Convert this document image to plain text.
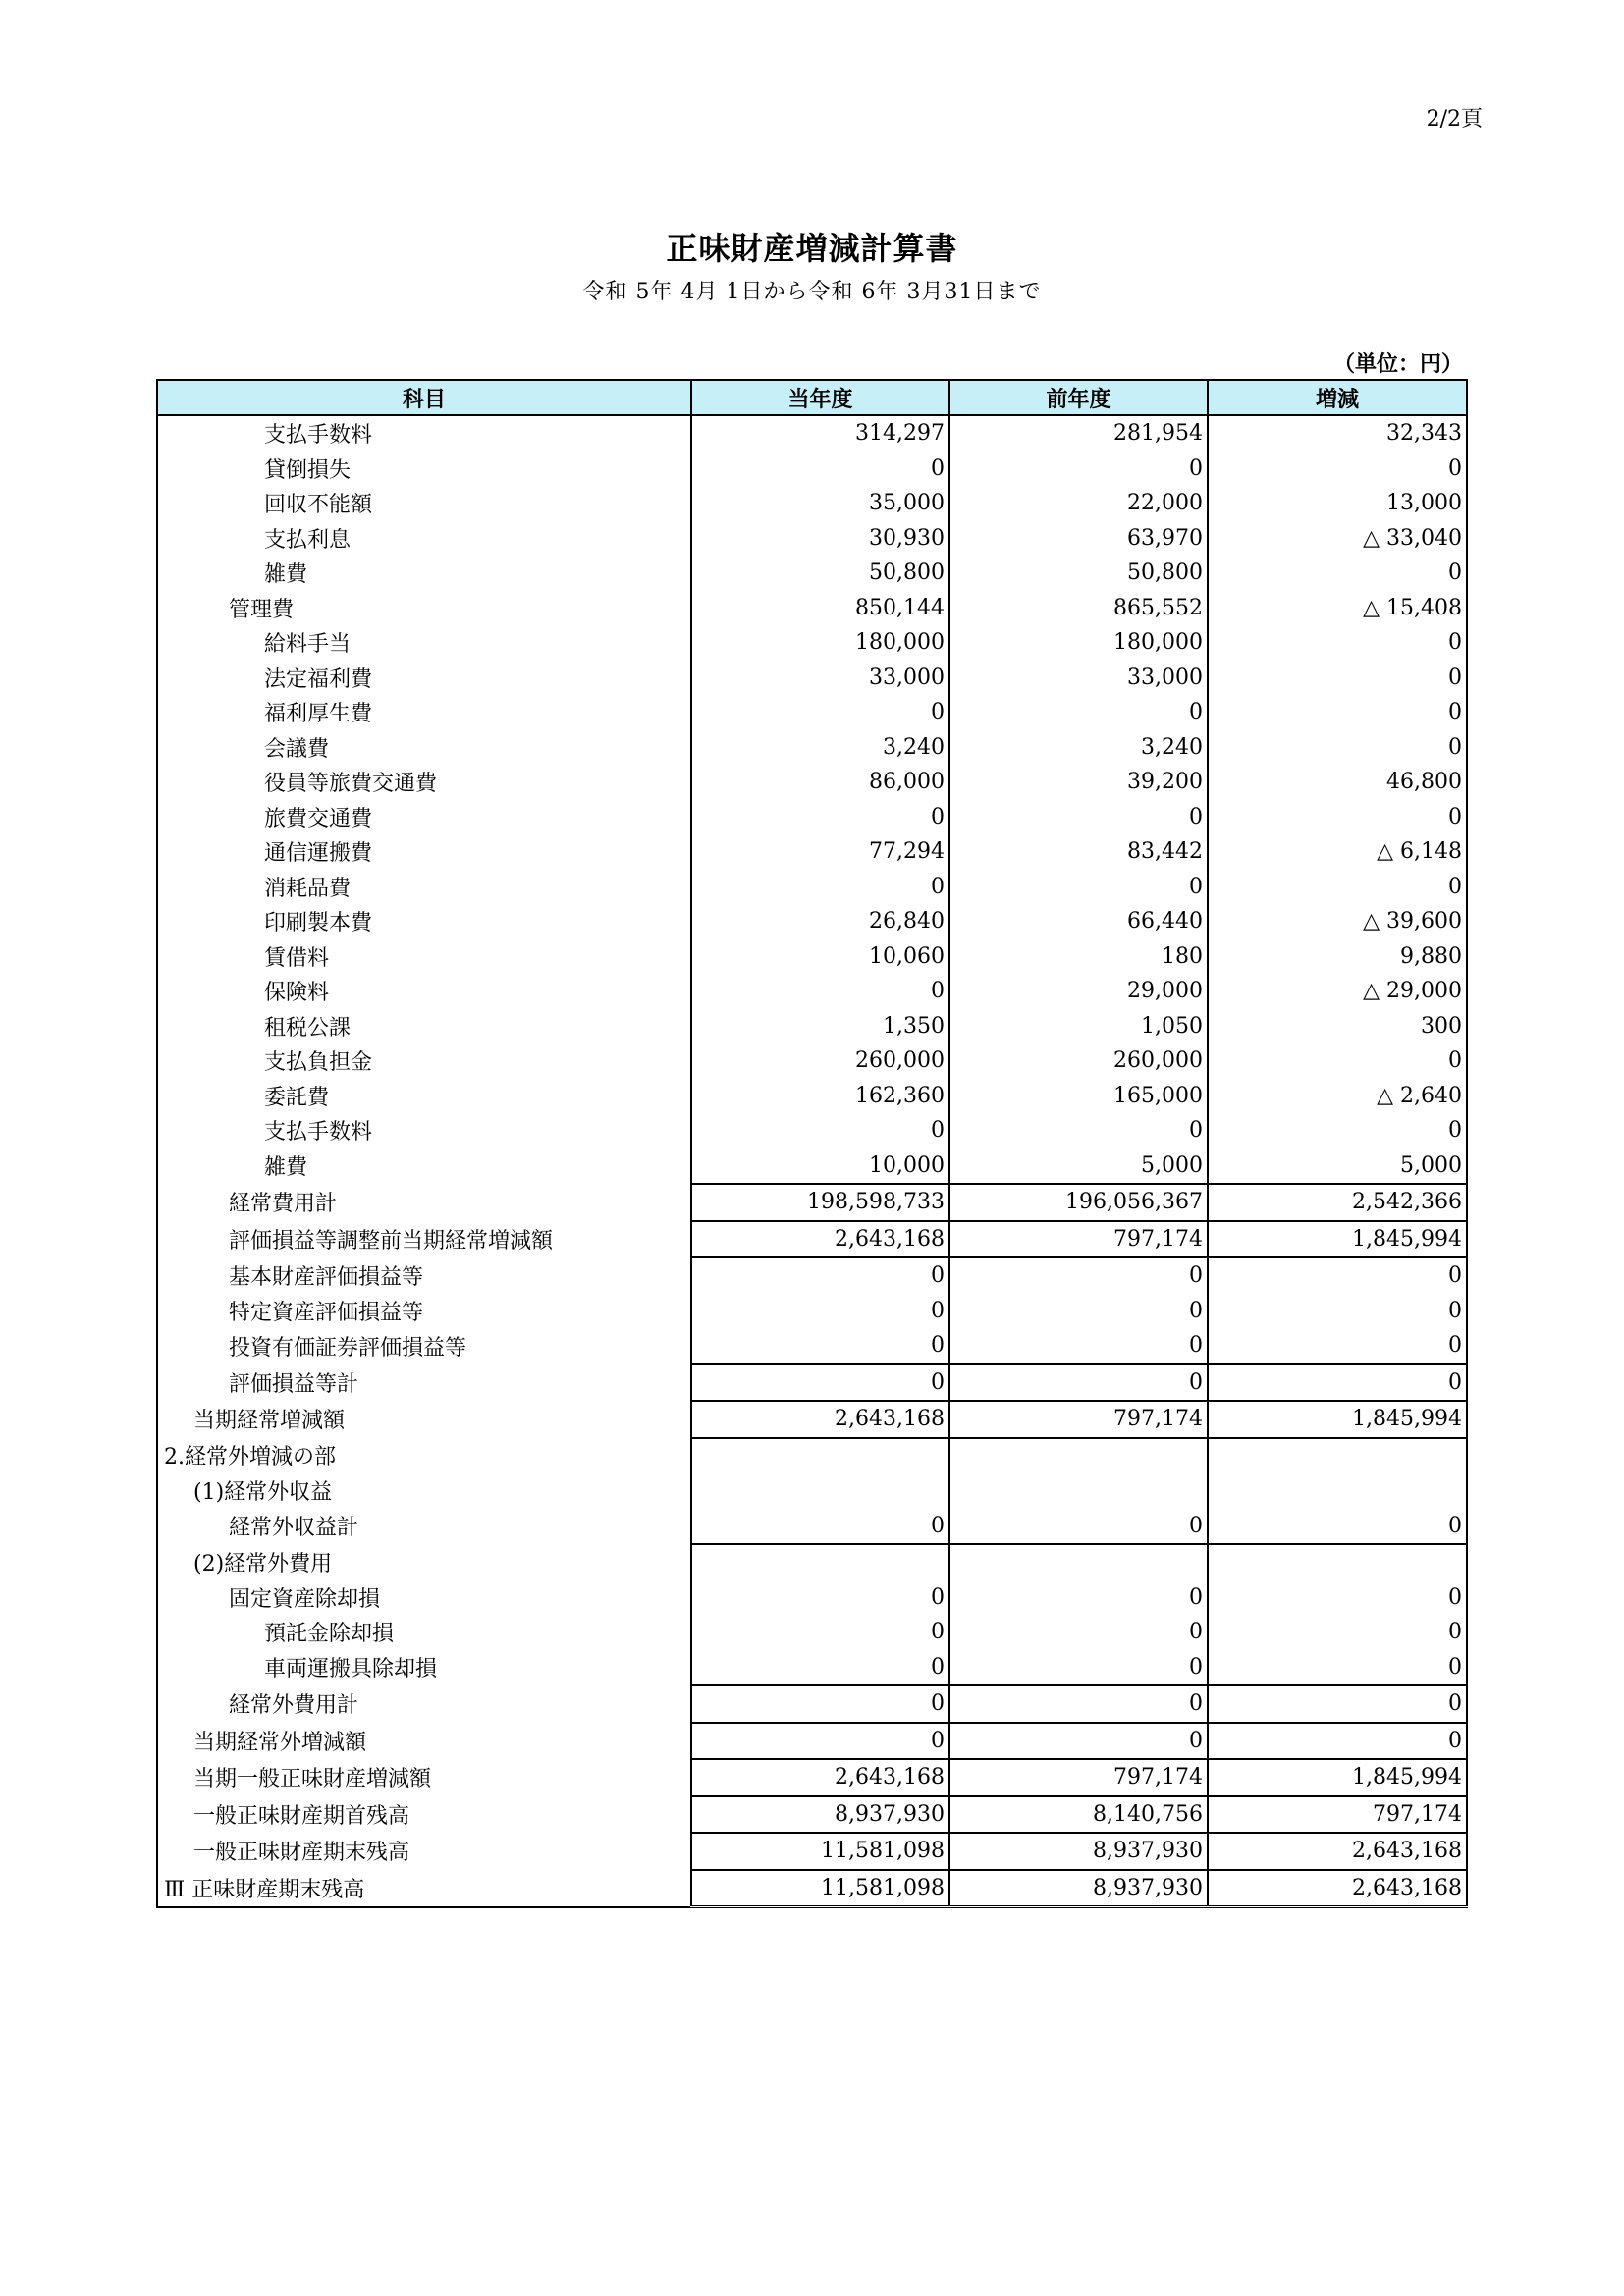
2/2頁
正味財産増減計算書
令和 5年 4月 1日から令和 6年 3月31日まで
（単位：円）
科目	当年度	前年度	増減
支払手数料	314,297	281,954	32,343
貸倒損失	0	0	0
回収不能額	35,000	22,000	13,000
支払利息	30,930	63,970	△ 33,040
雑費	50,800	50,800	0
管理費	850,144	865,552	△ 15,408
給料手当	180,000	180,000	0
法定福利費	33,000	33,000	0
福利厚生費	0	0	0
会議費	3,240	3,240	0
役員等旅費交通費	86,000	39,200	46,800
旅費交通費	0	0	0
通信運搬費	77,294	83,442	△ 6,148
消耗品費	0	0	0
印刷製本費	26,840	66,440	△ 39,600
賃借料	10,060	180	9,880
保険料	0	29,000	△ 29,000
租税公課	1,350	1,050	300
支払負担金	260,000	260,000	0
委託費	162,360	165,000	△ 2,640
支払手数料	0	0	0
雑費	10,000	5,000	5,000
経常費用計	198,598,733	196,056,367	2,542,366
評価損益等調整前当期経常増減額	2,643,168	797,174	1,845,994
基本財産評価損益等	0	0	0
特定資産評価損益等	0	0	0
投資有価証券評価損益等	0	0	0
評価損益等計	0	0	0
当期経常増減額	2,643,168	797,174	1,845,994
2.経常外増減の部			
(1)経常外収益			
経常外収益計	0	0	0
(2)経常外費用			
固定資産除却損	0	0	0
預託金除却損	0	0	0
車両運搬具除却損	0	0	0
経常外費用計	0	0	0
当期経常外増減額	0	0	0
当期一般正味財産増減額	2,643,168	797,174	1,845,994
一般正味財産期首残高	8,937,930	8,140,756	797,174
一般正味財産期末残高	11,581,098	8,937,930	2,643,168
Ⅲ 正味財産期末残高	11,581,098	8,937,930	2,643,168
